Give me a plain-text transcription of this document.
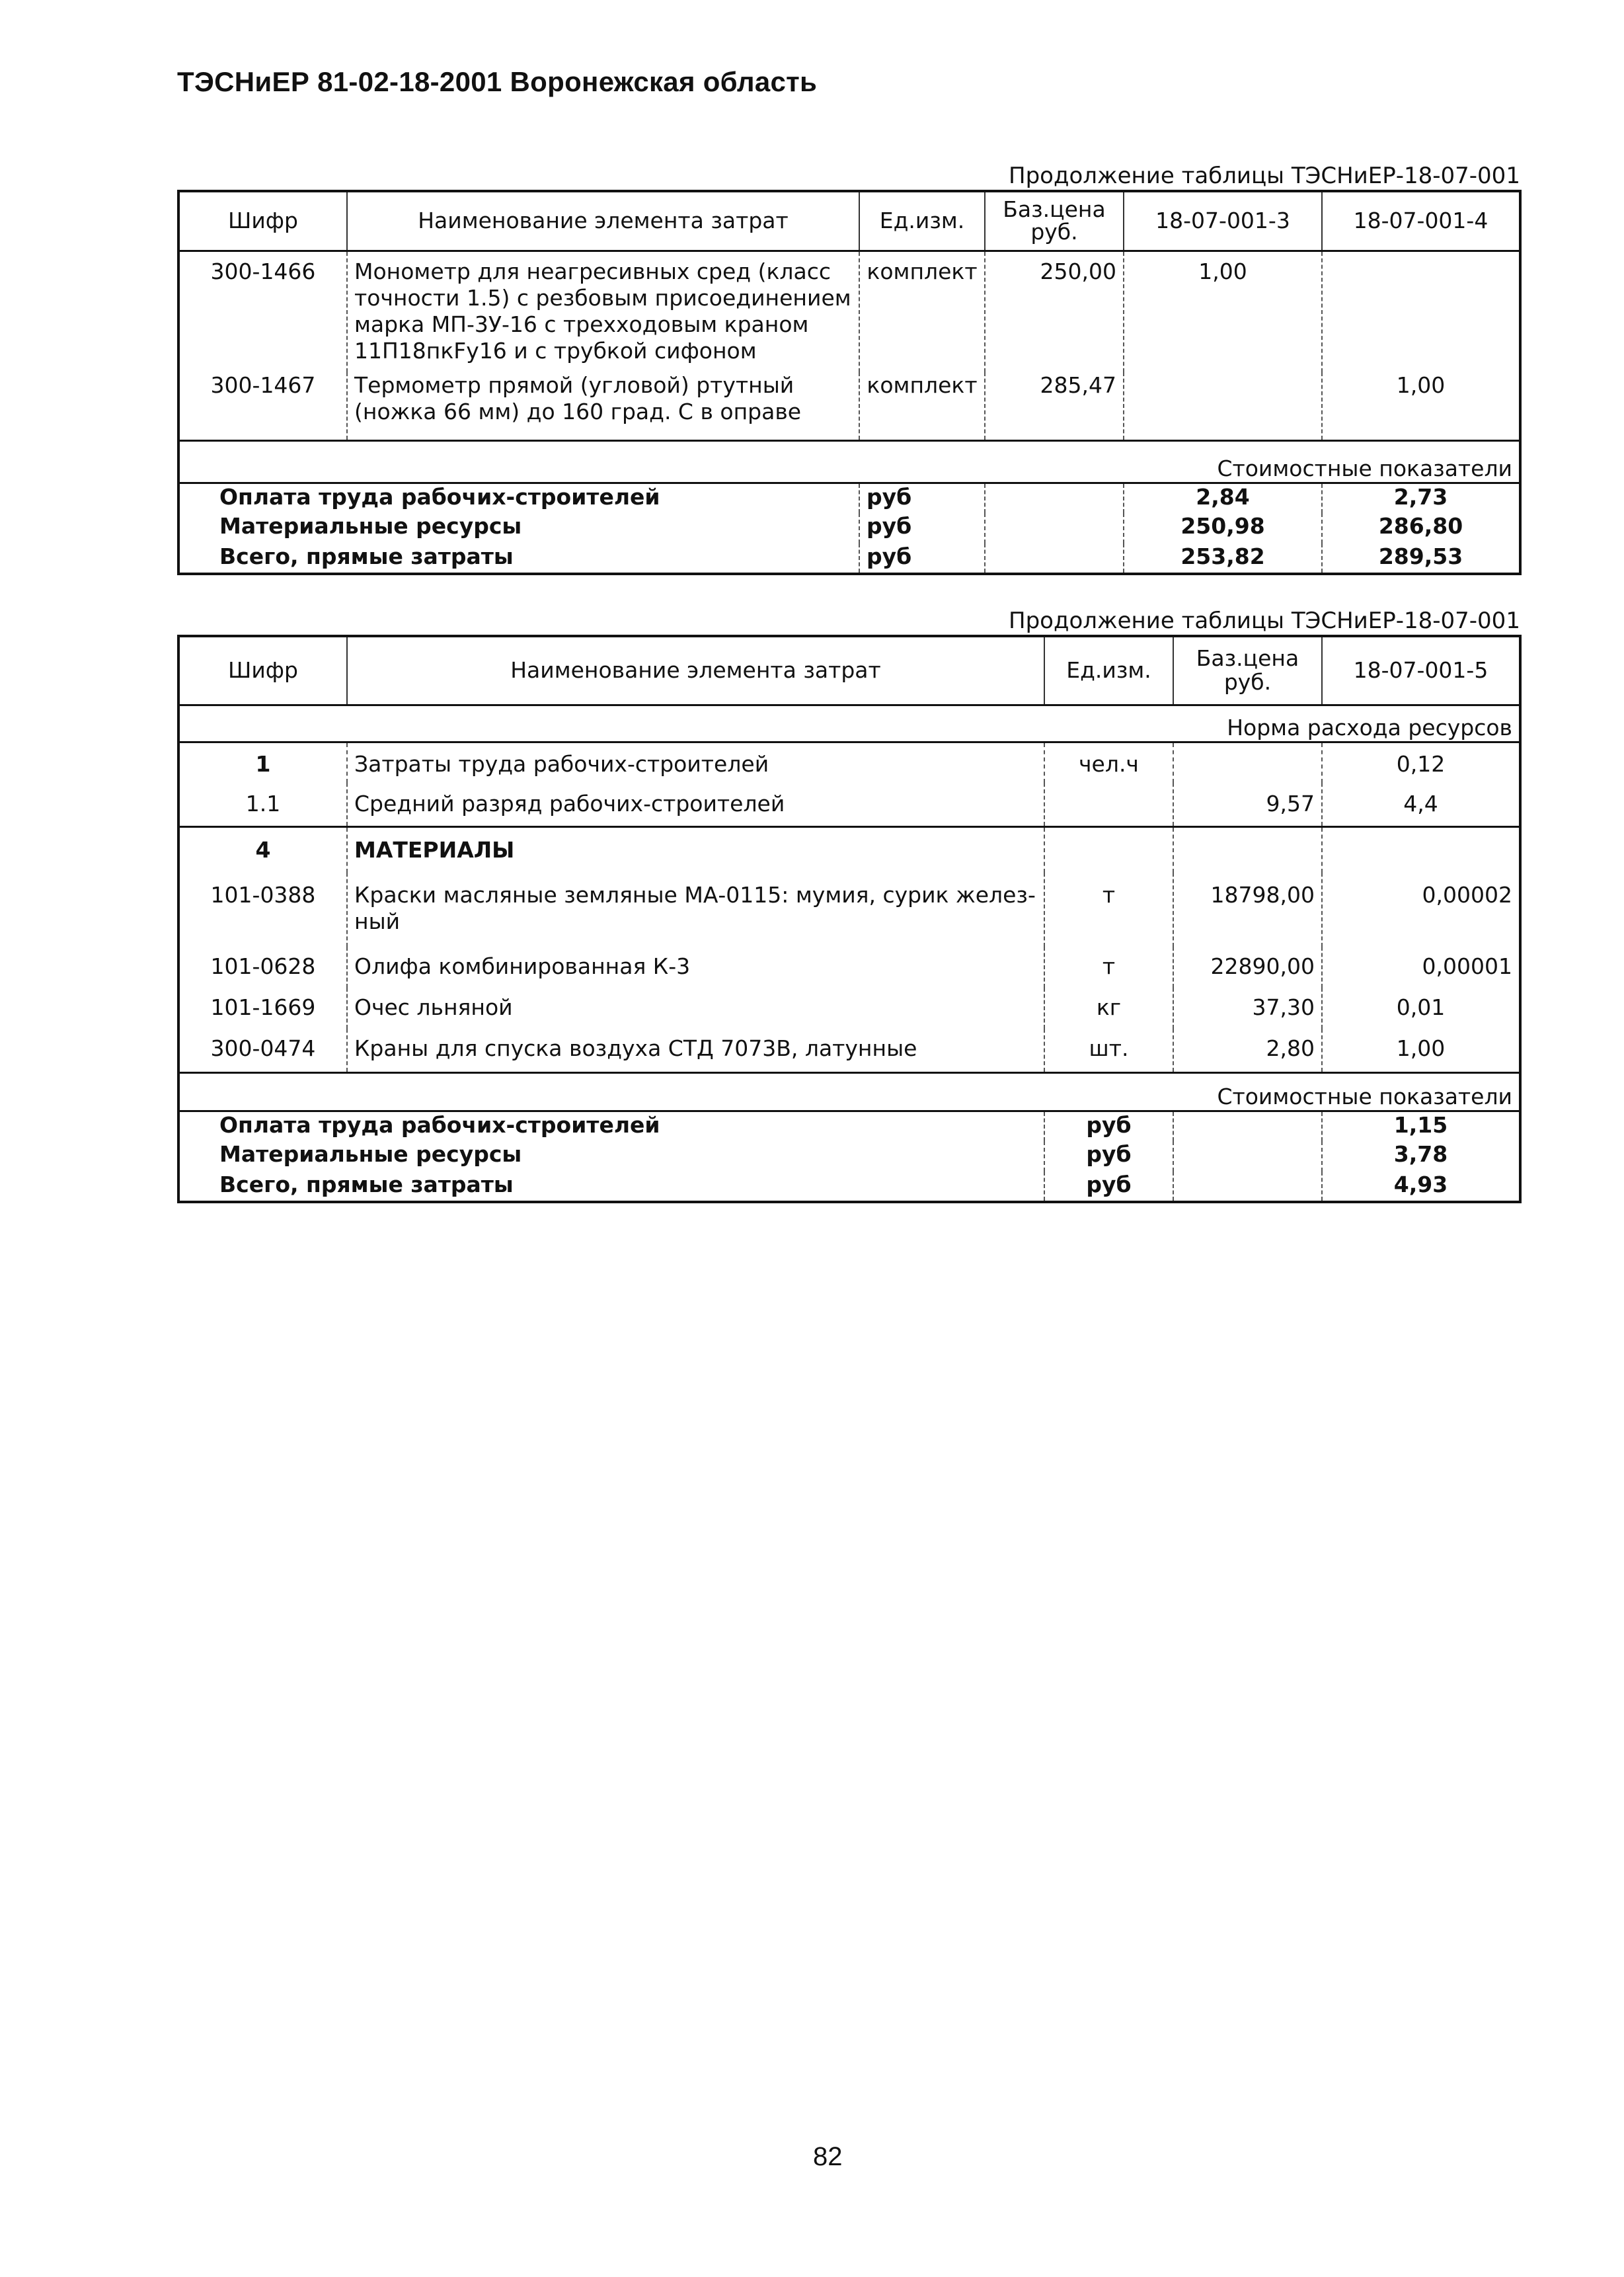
ТЭСНиЕР 81-02-18-2001 Воронежская область
Продолжение таблицы ТЭСНиЕР-18-07-001
Шифр	Наименование элемента затрат	Ед.изм.	Баз.цена руб.	18-07-001-3	18-07-001-4
300-1466	Монометр для неагресивных сред (класс точности 1.5) с резбовым присоединением марка МП-3У-16 с трехходовым краном 11П18пкFу16 и с трубкой сифоном	комплект	250,00	1,00	
300-1467	Термометр прямой (угловой) ртутный (ножка 66 мм) до 160 град. С в оправе	комплект	285,47		1,00
Стоимостные показатели					
Оплата труда рабочих-строителей		руб		2,84	2,73
Материальные ресурсы		руб		250,98	286,80
Всего, прямые затраты		руб		253,82	289,53
Продолжение таблицы ТЭСНиЕР-18-07-001
Шифр	Наименование элемента затрат	Ед.изм.	Баз.цена руб.	18-07-001-5
Норма расхода ресурсов				
1	Затраты труда рабочих-строителей	чел.ч		0,12
1.1	Средний разряд рабочих-строителей		9,57	4,4
4	МАТЕРИАЛЫ			
101-0388	Краски масляные земляные МА-0115: мумия, сурик желез-ный	т	18798,00	0,00002
101-0628	Олифа комбинированная К-3	т	22890,00	0,00001
101-1669	Очес льняной	кг	37,30	0,01
300-0474	Краны для спуска воздуха СТД 7073В, латунные	шт.	2,80	1,00
Стоимостные показатели				
Оплата труда рабочих-строителей		руб		1,15
Материальные ресурсы		руб		3,78
Всего, прямые затраты		руб		4,93
82
